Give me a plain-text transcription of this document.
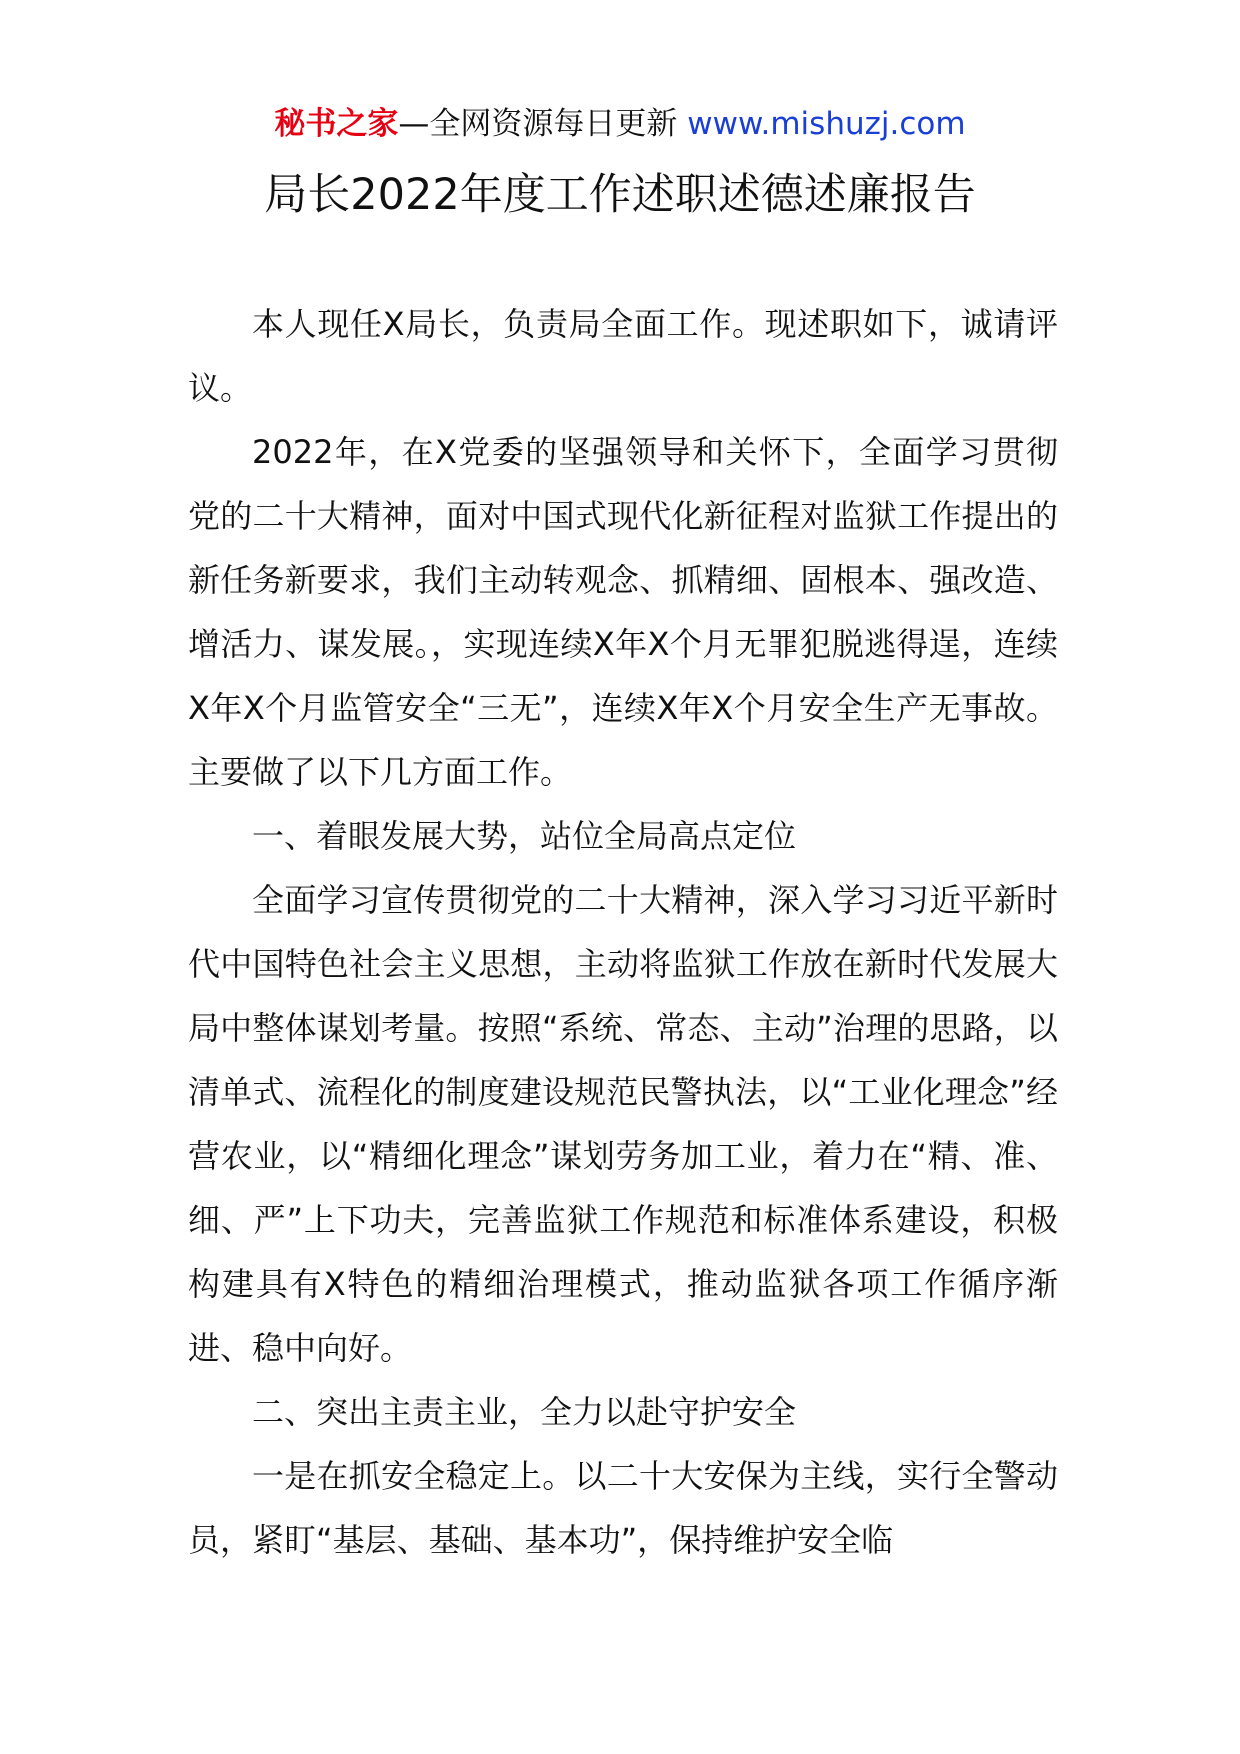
秘书之家—全网资源每日更新 www.mishuzj.com
局长2022年度工作述职述德述廉报告

本人现任X局长，负责局全面工作。现述职如下，诚请评议。

2022年，在X党委的坚强领导和关怀下，全面学习贯彻党的二十大精神，面对中国式现代化新征程对监狱工作提出的新任务新要求，我们主动转观念、抓精细、固根本、强改造、增活力、谋发展。，实现连续X年X个月无罪犯脱逃得逞，连续X年X个月监管安全“三无”，连续X年X个月安全生产无事故。主要做了以下几方面工作。

一、着眼发展大势，站位全局高点定位

全面学习宣传贯彻党的二十大精神，深入学习习近平新时代中国特色社会主义思想，主动将监狱工作放在新时代发展大局中整体谋划考量。按照“系统、常态、主动”治理的思路，以清单式、流程化的制度建设规范民警执法，以“工业化理念”经营农业，以“精细化理念”谋划劳务加工业，着力在“精、准、细、严”上下功夫，完善监狱工作规范和标准体系建设，积极构建具有X特色的精细治理模式，推动监狱各项工作循序渐进、稳中向好。

二、突出主责主业，全力以赴守护安全

一是在抓安全稳定上。以二十大安保为主线，实行全警动员，紧盯“基层、基础、基本功”，保持维护安全临
